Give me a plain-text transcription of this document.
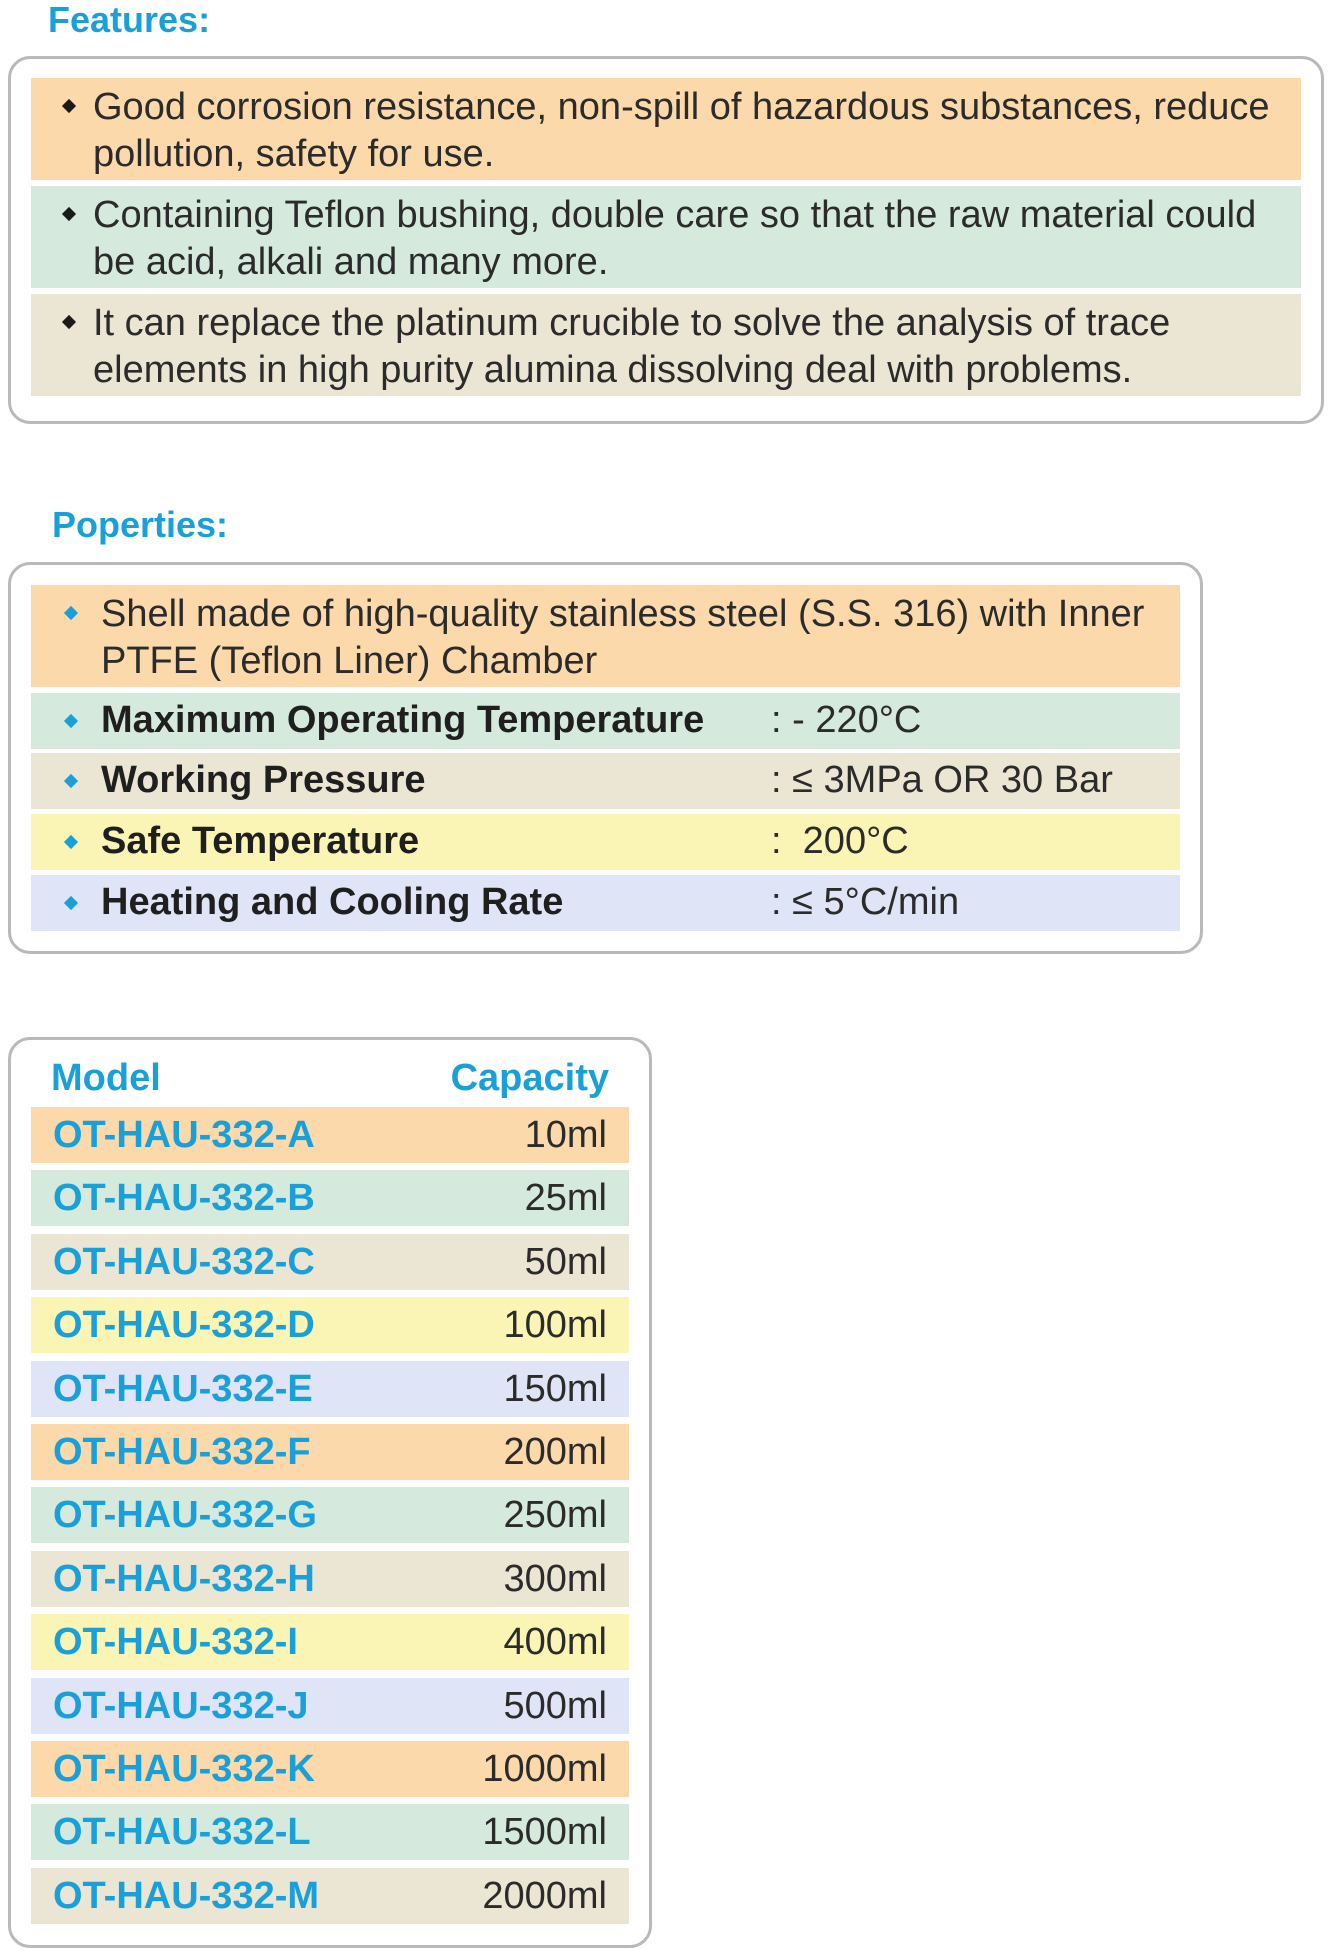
Features:
Good corrosion resistance, non-spill of hazardous substances, reduce pollution, safety for use.
Containing Teflon bushing, double care so that the raw material could be acid, alkali and many more.
It can replace the platinum crucible to solve the analysis of trace elements in high purity alumina dissolving deal with problems.
Poperties:
Shell made of high-quality stainless steel (S.S. 316) with Inner PTFE (Teflon Liner) Chamber
Maximum Operating Temperature : - 220°C
Working Pressure	: ≤ 3MPa OR 30 Bar
Safe Temperature	:  200°C
Heating and Cooling Rate	: ≤ 5°C/min
Model	Capacity
OT-HAU-332-A	10ml
OT-HAU-332-B	25ml
OT-HAU-332-C	50ml
OT-HAU-332-D	100ml
OT-HAU-332-E	150ml
OT-HAU-332-F	200ml
OT-HAU-332-G	250ml
OT-HAU-332-H	300ml
OT-HAU-332-I	400ml
OT-HAU-332-J	500ml
OT-HAU-332-K	1000ml
OT-HAU-332-L	1500ml
OT-HAU-332-M	2000ml
